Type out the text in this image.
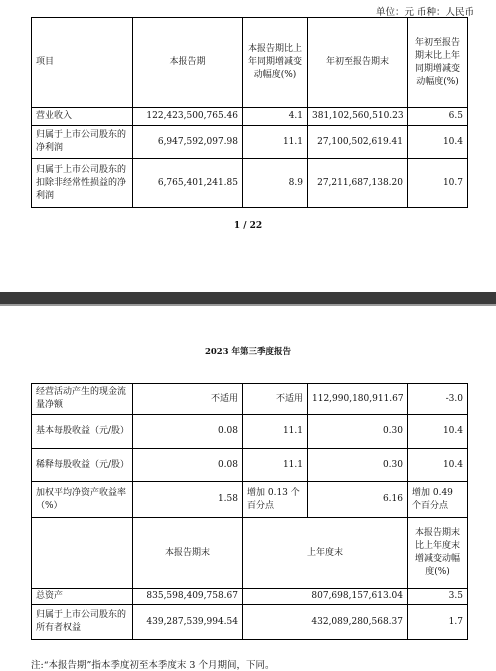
单位：元 币种：人民币
项目	本报告期	本报告期比上年同期增减变动幅度(%)	年初至报告期末	年初至报告期末比上年同期增减变动幅度(%)
营业收入	122,423,500,765.46	4.1	381,102,560,510.23	6.5
归属于上市公司股东的净利润	6,947,592,097.98	11.1	27,100,502,619.41	10.4
归属于上市公司股东的扣除非经常性损益的净利润	6,765,401,241.85	8.9	27,211,687,138.20	10.7
1 / 22
2023 年第三季度报告
经营活动产生的现金流量净额	不适用	不适用	112,990,180,911.67	-3.0
基本每股收益（元/股）	0.08	11.1	0.30	10.4
稀释每股收益（元/股）	0.08	11.1	0.30	10.4
加权平均净资产收益率（%）	1.58	增加 0.13 个百分点	6.16	增加 0.49 个百分点
	本报告期末	上年度末		本报告期末比上年度末增减变动幅度(%)
总资产	835,598,409,758.67	807,698,157,613.04		3.5
归属于上市公司股东的所有者权益	439,287,539,994.54	432,089,280,568.37		1.7
注:“本报告期”指本季度初至本季度末 3 个月期间，下同。
